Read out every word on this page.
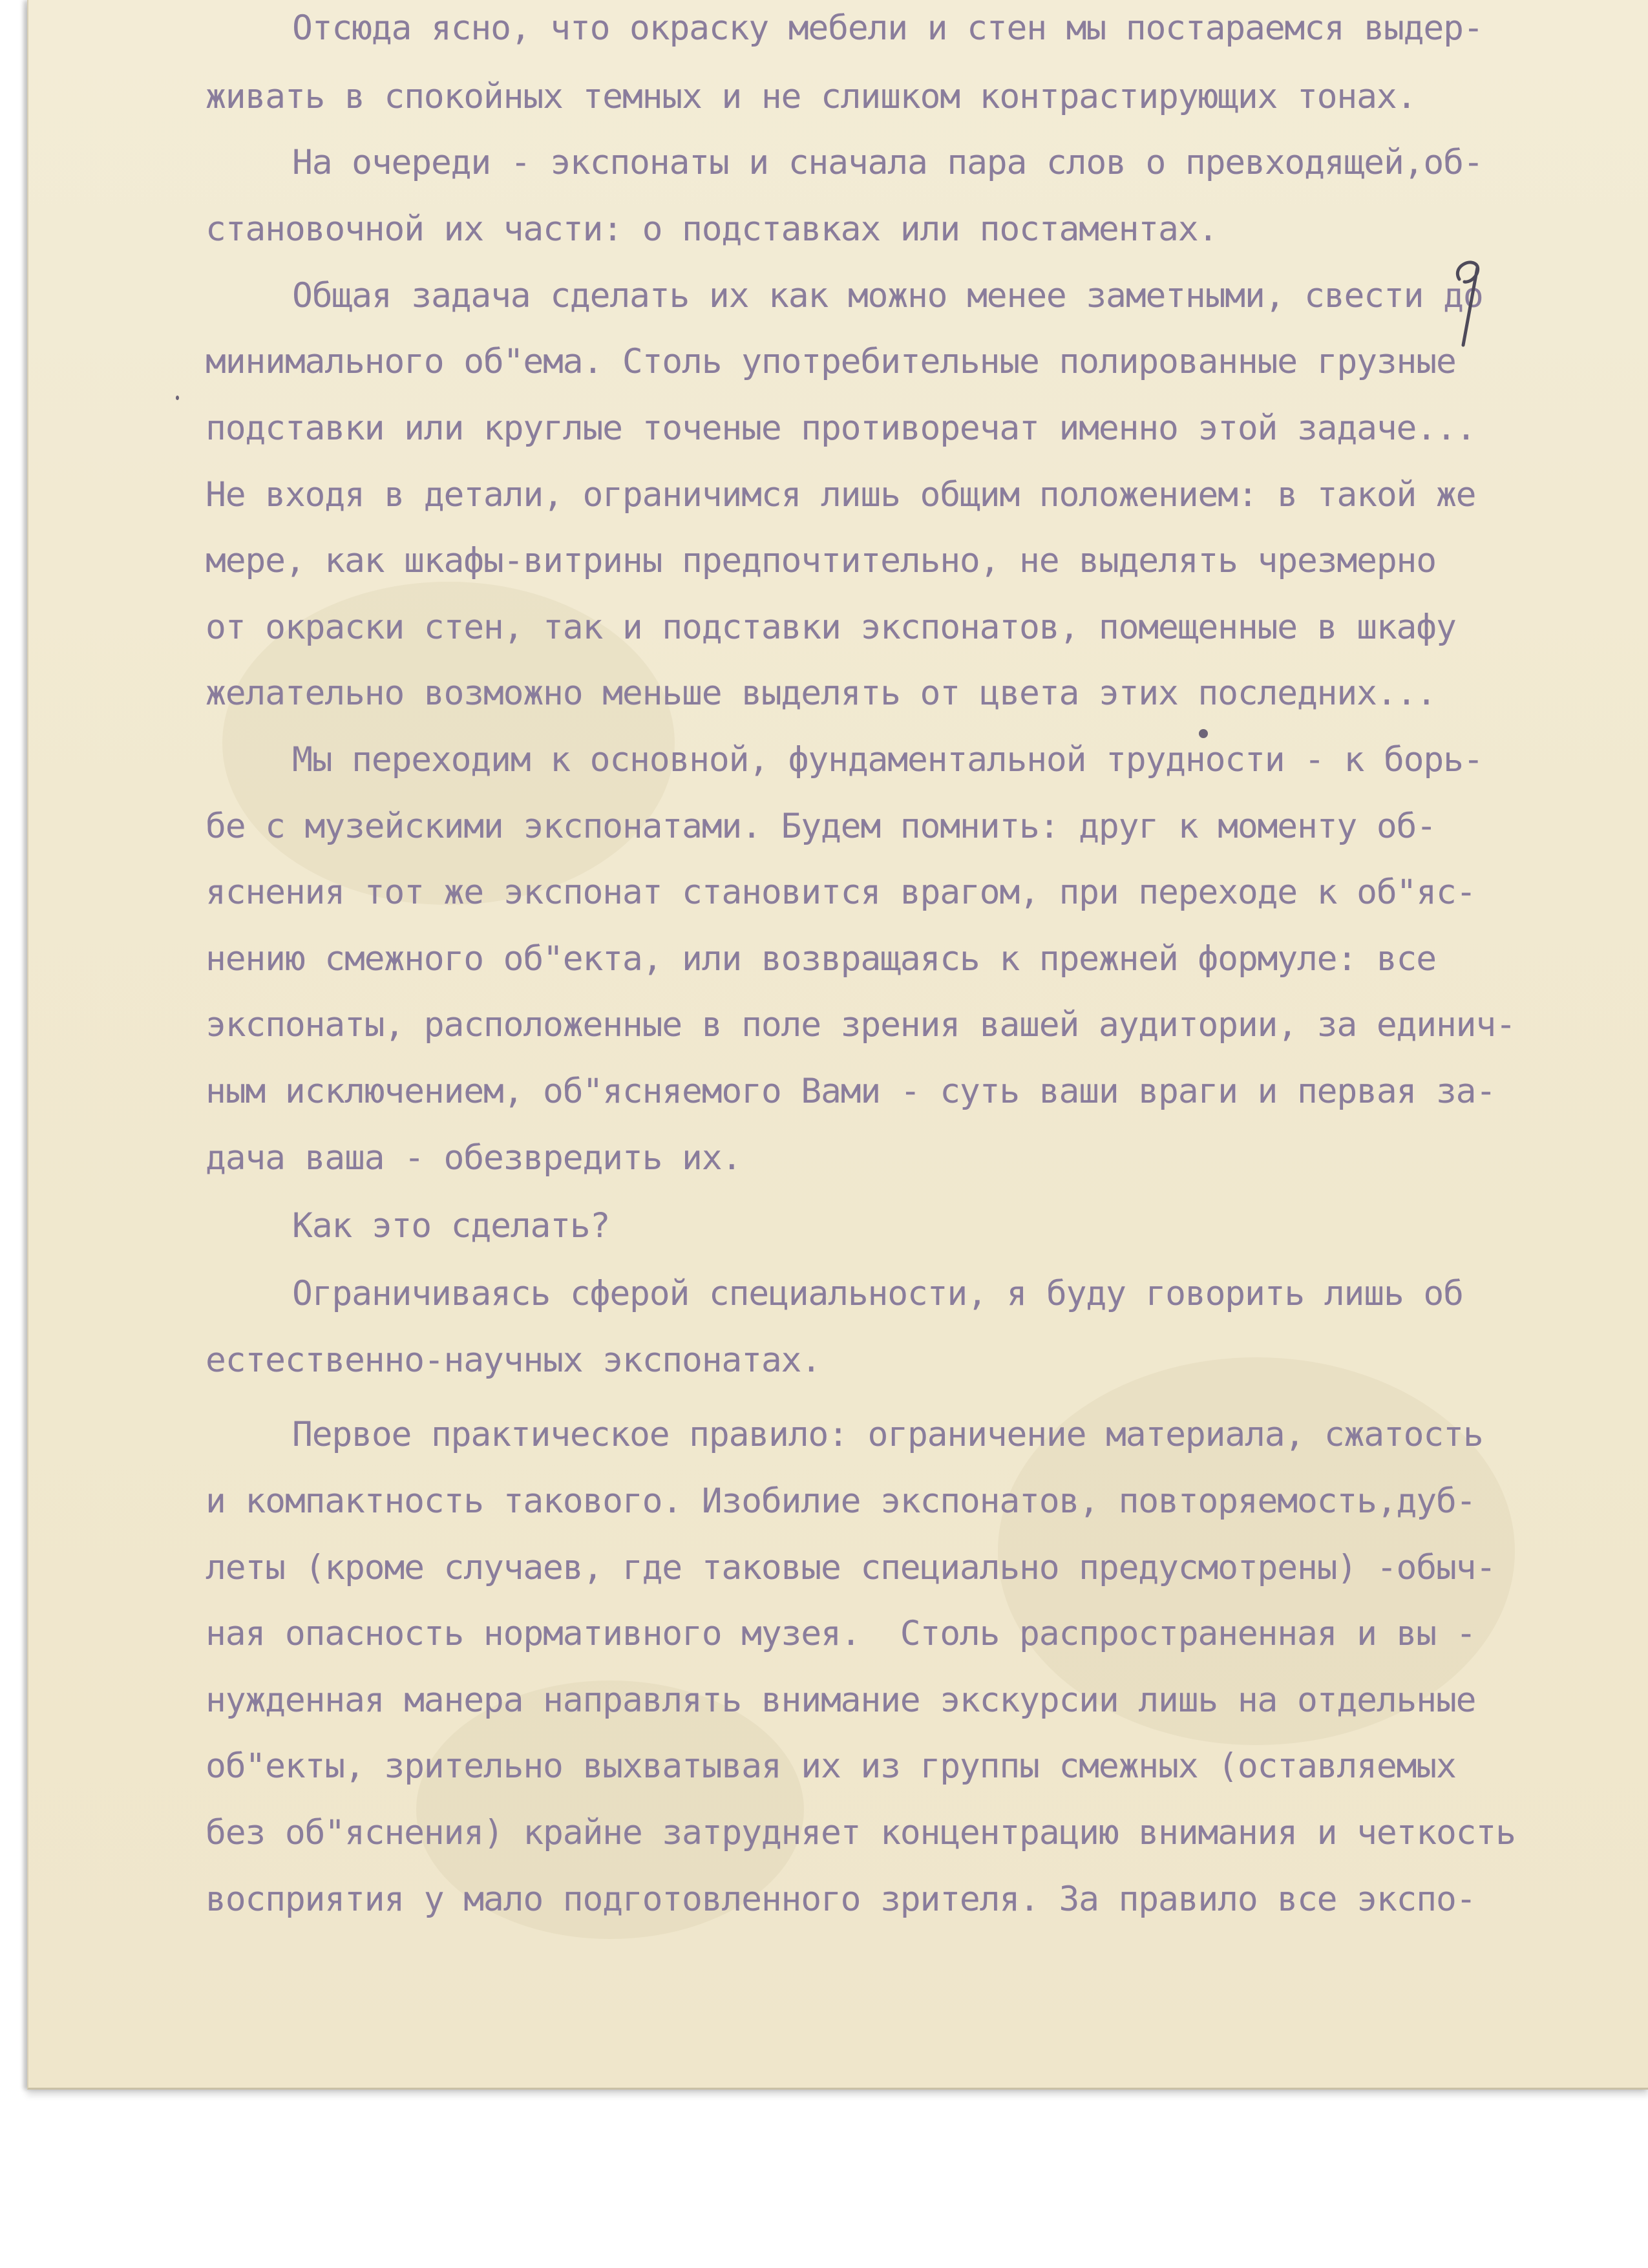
Отсюда ясно, что окраску мебели и стен мы постараемся выдер-

живать в спокойных темных и не слишком контрастирующих тонах.

На очереди - экспонаты и сначала пара слов о превходящей,об-

становочной их части: о подставках или постаментах.

Общая задача сделать их как можно менее заметными, свести до

минимального об"ема. Столь употребительные полированные грузные

подставки или круглые точеные противоречат именно этой задаче...

Не входя в детали, ограничимся лишь общим положением: в такой же

мере, как шкафы-витрины предпочтительно, не выделять чрезмерно

от окраски стен, так и подставки экспонатов, помещенные в шкафу

желательно возможно меньше выделять от цвета этих последних...

Мы переходим к основной, фундаментальной трудности - к борь-

бе с музейскими экспонатами. Будем помнить: друг к моменту об-

яснения тот же экспонат становится врагом, при переходе к об"яс-

нению смежного об"екта, или возвращаясь к прежней формуле: все

экспонаты, расположенные в поле зрения вашей аудитории, за единич-

ным исключением, об"ясняемого Вами - суть ваши враги и первая за-

дача ваша - обезвредить их.

Как это сделать?

Ограничиваясь сферой специальности, я буду говорить лишь об

естественно-научных экспонатах.

Первое практическое правило: ограничение материала, сжатость

и компактность такового. Изобилие экспонатов, повторяемость,дуб-

леты (кроме случаев, где таковые специально предусмотрены) -обыч-

ная опасность нормативного музея.  Столь распространенная и вы -

нужденная манера направлять внимание экскурсии лишь на отдельные

об"екты, зрительно выхватывая их из группы смежных (оставляемых

без об"яснения) крайне затрудняет концентрацию внимания и четкость

восприятия у мало подготовленного зрителя. За правило все экспо-
